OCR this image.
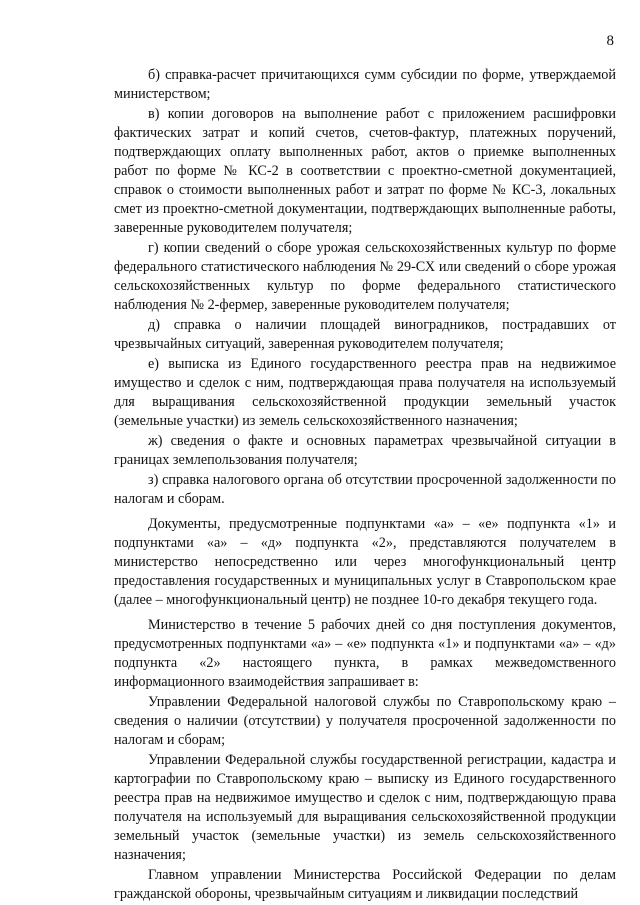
8

б) справка-расчет причитающихся сумм субсидии по форме, утверждаемой министерством;

в) копии договоров на выполнение работ с приложением расшифровки фактических затрат и копий счетов, счетов-фактур, платежных поручений, подтверждающих оплату выполненных работ, актов о приемке выполненных работ по форме № КС-2 в соответствии с проектно-сметной документацией, справок о стоимости выполненных работ и затрат по форме № КС-3, локальных смет из проектно-сметной документации, подтверждающих выполненные работы, заверенные руководителем получателя;

г) копии сведений о сборе урожая сельскохозяйственных культур по форме федерального статистического наблюдения № 29-СХ или сведений о сборе урожая сельскохозяйственных культур по форме федерального статистического наблюдения № 2-фермер, заверенные руководителем получателя;

д) справка о наличии площадей виноградников, пострадавших от чрезвычайных ситуаций, заверенная руководителем получателя;

е) выписка из Единого государственного реестра прав на недвижимое имущество и сделок с ним, подтверждающая права получателя на используемый для выращивания сельскохозяйственной продукции земельный участок (земельные участки) из земель сельскохозяйственного назначения;

ж) сведения о факте и основных параметрах чрезвычайной ситуации в границах землепользования получателя;

з) справка налогового органа об отсутствии просроченной задолженности по налогам и сборам.

Документы, предусмотренные подпунктами «а» – «е» подпункта «1» и подпунктами «а» – «д» подпункта «2», представляются получателем в министерство непосредственно или через многофункциональный центр предоставления государственных и муниципальных услуг в Ставропольском крае (далее – многофункциональный центр) не позднее 10-го декабря текущего года.

Министерство в течение 5 рабочих дней со дня поступления документов, предусмотренных подпунктами «а» – «е» подпункта «1» и подпунктами «а» – «д» подпункта «2» настоящего пункта, в рамках межведомственного информационного взаимодействия запрашивает в:

Управлении Федеральной налоговой службы по Ставропольскому краю – сведения о наличии (отсутствии) у получателя просроченной задолженности по налогам и сборам;

Управлении Федеральной службы государственной регистрации, кадастра и картографии по Ставропольскому краю – выписку из Единого государственного реестра прав на недвижимое имущество и сделок с ним, подтверждающую права получателя на используемый для выращивания сельскохозяйственной продукции земельный участок (земельные участки) из земель сельскохозяйственного назначения;

Главном управлении Министерства Российской Федерации по делам гражданской обороны, чрезвычайным ситуациям и ликвидации последствий
